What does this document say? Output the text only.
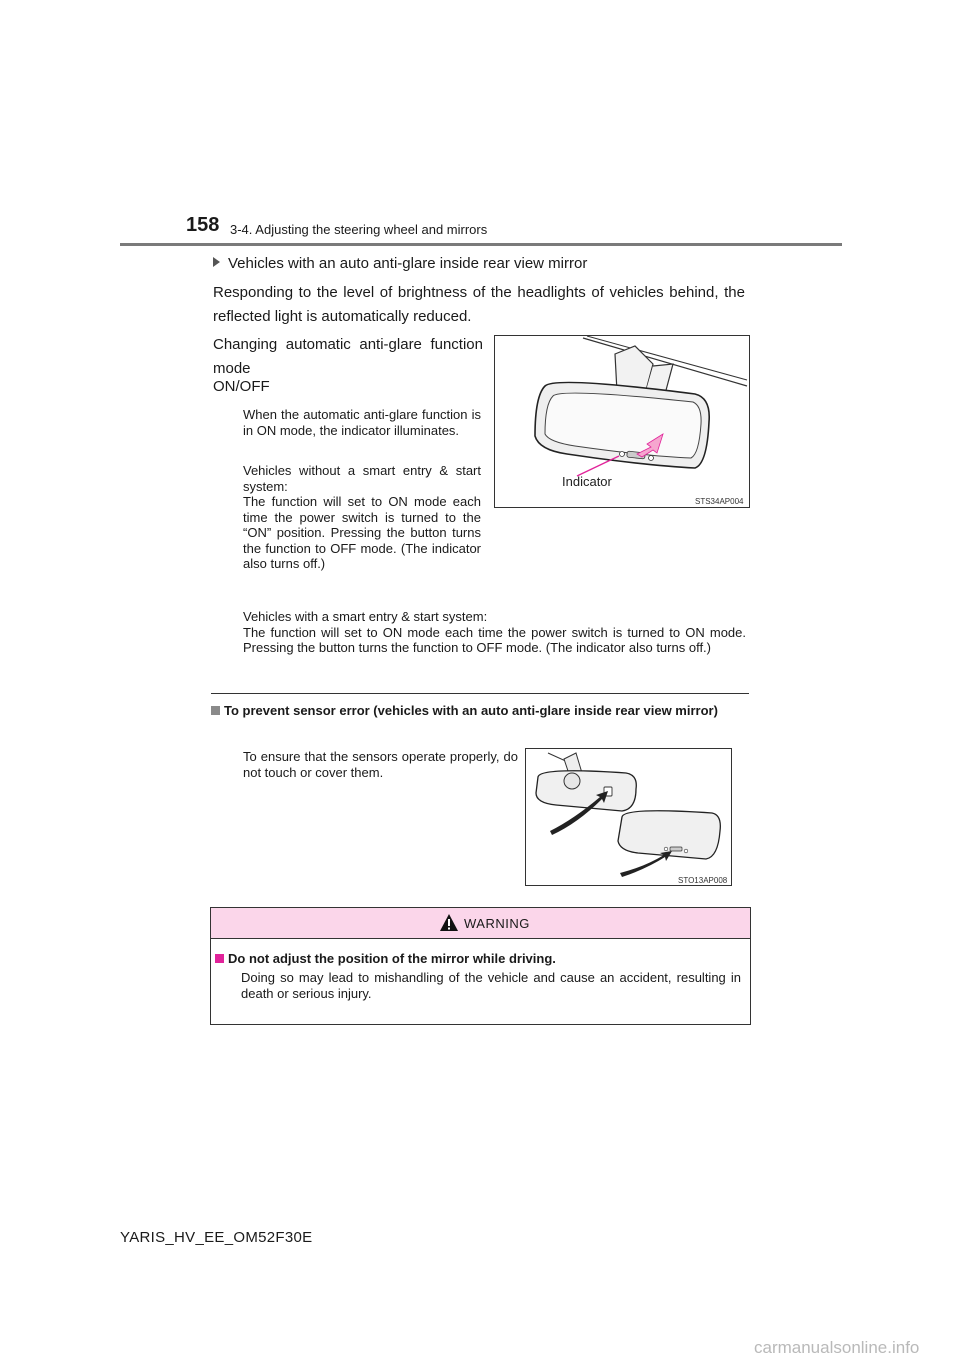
158 3-4. Adjusting the steering wheel and mirrors
Vehicles with an auto anti-glare inside rear view mirror
Responding to the level of brightness of the headlights of vehicles behind, the reflected light is automatically reduced.
Changing automatic anti-glare function mode
ON/OFF
When the automatic anti-glare function is in ON mode, the indicator illuminates.
Vehicles without a smart entry & start system:
The function will set to ON mode each time the power switch is turned to the “ON” position. Pressing the button turns the function to OFF mode. (The indicator also turns off.)
Vehicles with a smart entry & start system:
The function will set to ON mode each time the power switch is turned to ON mode. Pressing the button turns the function to OFF mode. (The indicator also turns off.)
Indicator
STS34AP004
To prevent sensor error (vehicles with an auto anti-glare inside rear view mirror)
To ensure that the sensors operate properly, do not touch or cover them.
STO13AP008
WARNING
Do not adjust the position of the mirror while driving.
Doing so may lead to mishandling of the vehicle and cause an accident, resulting in death or serious injury.
YARIS_HV_EE_OM52F30E
carmanualsonline.info
